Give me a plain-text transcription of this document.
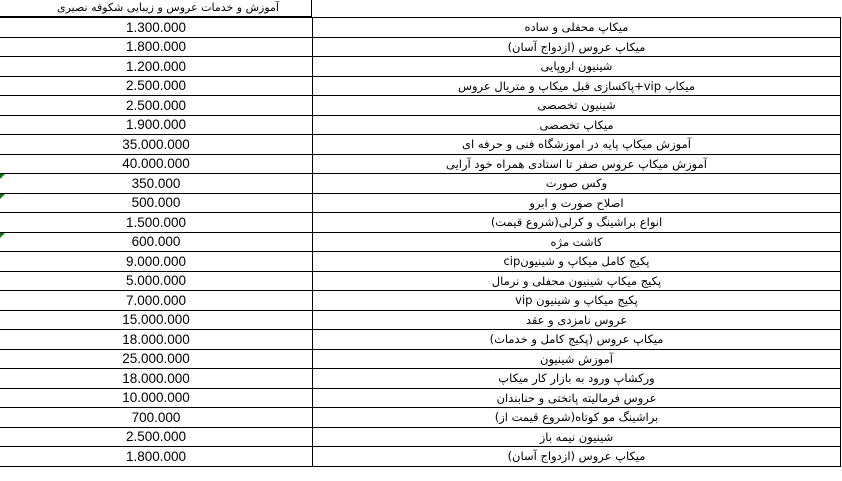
آموزش و خدمات عروس و زیبایی شکوفه نصیری
1.300.000	میکاپ محفلی و ساده
1.800.000	میکاپ عروس (ازدواج آسان)
1.200.000	شینیون اروپایی
2.500.000	میکاپ vip+پاکسازی قبل میکاپ و متریال عروس
2.500.000	شینیون تخصصی
1.900.000	میکاپ تخصصی
35.000.000	آموزش میکاپ پایه در اموزشگاه فنی و حرفه ای
40.000.000	آموزش میکاپ عروس صفر تا استادی همراه خود آرایی
350.000	وکس صورت
500.000	اصلاح صورت و ابرو
1.500.000	انواع براشینگ و کرلی(شروع قیمت)
600.000	کاشت مژه
9.000.000	پکیج کامل میکاپ و شینیونcip
5.000.000	پکیج میکاپ شینیون محفلی و نرمال
7.000.000	پکیج میکاپ و شینیون vip
15.000.000	عروس نامزدی و عقد
18.000.000	میکاپ عروس (پکیج کامل و خدمات)
25.000.000	آموزش شینیون
18.000.000	ورکشاپ ورود به بازار کار میکاپ
10.000.000	عروس فرمالیته پاتختی و حنابندان
700.000	براشینگ مو کوتاه(شروع قیمت از)
2.500.000	شینیون نیمه باز
1.800.000	میکاپ عروس (ازدواج آسان)
